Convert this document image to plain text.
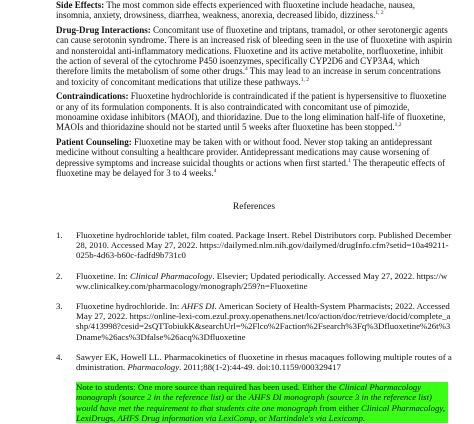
Side Effects: The most common side effects experienced with fluoxetine include headache, nausea, insomnia, anxiety, drowsiness, diarrhea, weakness, anorexia, decreased libido, dizziness.$^{1, 2}$

Drug-Drug Interactions: Concomitant use of fluoxetine and triptans, tramadol, or other serotonergic agents can cause serotonin syndrome. There is an increased risk of bleeding seen in the use of fluoxetine with aspirin and nonsteroidal anti-inflammatory medications. Fluoxetine and its active metabolite, norfluoxetine, inhibit the action of several of the cytochrome P450 isoenzymes, specifically CYP2D6 and CYP3A4, which therefore limits the metabolism of some other drugs.$^4$ This may lead to an increase in serum concentrations and toxicity of concomitant medications that utilize these pathways.$^{1, 2}$

Contraindications: Fluoxetine hydrochloride is contraindicated if the patient is hypersensitive to fluoxetine or any of its formulation components. It is also contraindicated with concomitant use of pimozide, monoamine oxidase inhibitors (MAOI), and thioridazine. Due to the long elimination half-life of fluoxetine, MAOIs and thioridazine should not be started until 5 weeks after fluoxetine has been stopped.$^{1,2}$

Patient Counseling: Fluoxetine may be taken with or without food. Never stop taking an antidepressant medicine without consulting a healthcare provider. Antidepressant medications may cause worsening of depressive symptoms and increase suicidal thoughts or actions when first started.$^1$ The therapeutic effects of fluoxetine may be delayed for 3 to 4 weeks.$^4$

References
1. Fluoxetine hydrochloride tablet, film coated. Package Insert. Rebel Distributors corp. Published December 28, 2010. Accessed May 27, 2022. https://dailymed.nlm.nih.gov/dailymed/drugInfo.cfm?setid=10a49211-025b-4d63-b60c-fadfd9b731c0
2. Fluoxetine. In: Clinical Pharmacology. Elsevier; Updated periodically. Accessed May 27, 2022. https://www.clinicalkey.com/pharmacology/monograph/259?n=Fluoxetine
3. Fluoxetine hydrochloride. In: AHFS DI. American Society of Health-System Pharmacists; 2022. Accessed May 27, 2022. https://online-lexi-com.ezul.proxy.openathens.net/lco/action/doc/retrieve/docid/complete_ashp/413998?cesid=2sQTTobiukK&searchUrl=%2Flco%2Faction%2Fsearch%3Fq%3Dfluoxetine%26t%3Dname%26acs%3Dfalse%26acq%3Dfluoxetine
4. Sawyer EK, Howell LL. Pharmacokinetics of fluoxetine in rhesus macaques following multiple routes of administration. Pharmacology. 2011;88(1-2):44-49. doi:10.1159/000329417
Note to students: One more source than required has been used. Either the Clinical Pharmacology monograph (source 2 in the reference list) or the AHFS DI monograph (source 3 in the reference list) would have met the requirement to that students cite one monograph from either Clinical Pharmacology, LexiDrugs, AHFS Drug information via LexiComp, or Martindale's via Lexicomp.
